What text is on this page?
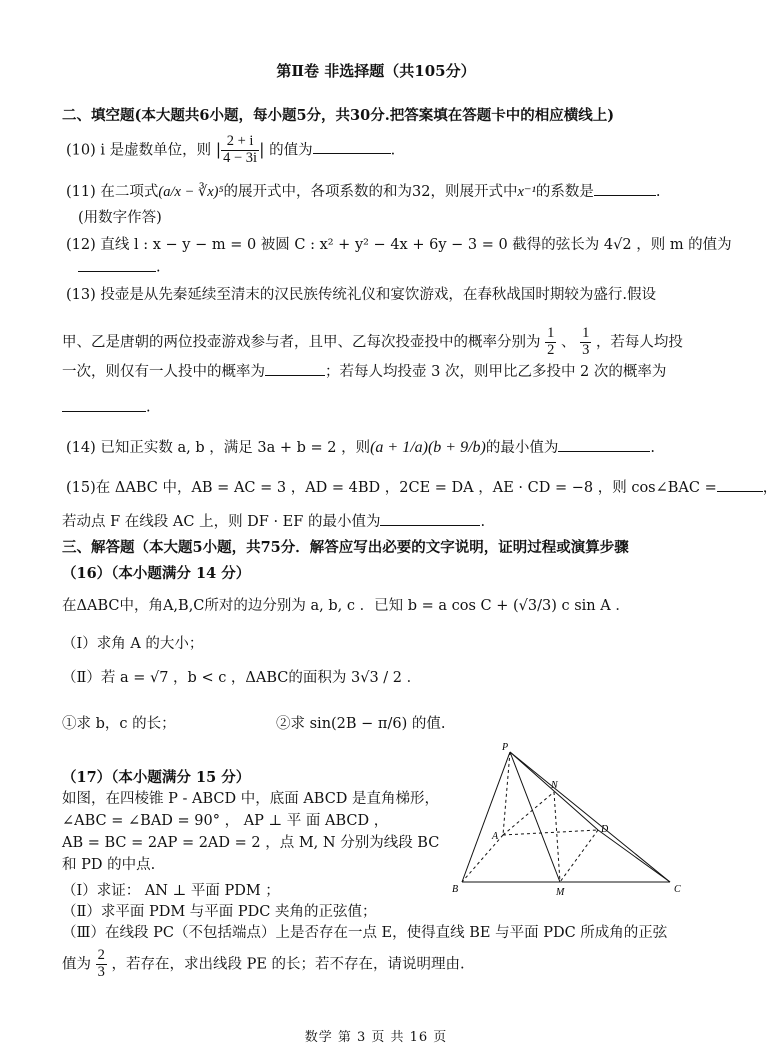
第Ⅱ卷 非选择题（共105分）
二、填空题(本大题共6小题，每小题5分，共30分.把答案填在答题卡中的相应横线上)
(10) i 是虚数单位，则 | $\frac{2 + i}{4 - 3i}$ | 的值为	.
(11) 在二项式(a/x − ∛x)⁵的展开式中，各项系数的和为32，则展开式中x⁻¹的系数是	.
(用数字作答)
(12) 直线 l : x − y − m = 0 被圆 C : x² + y² − 4x + 6y − 3 = 0 截得的弦长为 4√2 ，则 m 的值为
.
(13) 投壶是从先秦延续至清末的汉民族传统礼仪和宴饮游戏，在春秋战国时期较为盛行.假设
甲、乙是唐朝的两位投壶游戏参与者，且甲、乙每次投壶投中的概率分别为 $\frac{1}{2}$ 、 $\frac{1}{3}$ ，若每人均投
一次，则仅有一人投中的概率为	；若每人均投壶 3 次，则甲比乙多投中 2 次的概率为
.
(14) 已知正实数 a, b ，满足 3a + b = 2 ，则(a + 1/a)(b + 9/b)的最小值为	.
(15)在 ΔABC 中，AB = AC = 3 ，AD = 4BD ，2CE = DA ，AE · CD = −8 ，则 cos∠BAC =	，
若动点 F 在线段 AC 上，则 DF · EF 的最小值为	.
三、解答题（本大题5小题，共75分．解答应写出必要的文字说明，证明过程或演算步骤
（16）（本小题满分 14 分）
在ΔABC中，角A,B,C所对的边分别为 a, b, c ．已知 b = a cos C + (√3/3) c sin A ．
（Ⅰ）求角 A 的大小；
（Ⅱ）若 a = √7 ，b < c ，ΔABC的面积为 3√3 / 2 ．
①求 b，c 的长；	②求 sin(2B − π/6) 的值.
（17）（本小题满分 15 分）
如图，在四棱锥 P - ABCD 中，底面 ABCD 是直角梯形，
∠ABC = ∠BAD = 90° ， AP ⊥ 平 面 ABCD ，
AB = BC = 2AP = 2AD = 2 ，点 M, N 分别为线段 BC
和 PD 的中点.
（Ⅰ）求证： AN ⊥ 平面 PDM ；
（Ⅱ）求平面 PDM 与平面 PDC 夹角的正弦值；
（Ⅲ）在线段 PC（不包括端点）上是否存在一点 E，使得直线 BE 与平面 PDC 所成角的正弦
值为 $\frac{2}{3}$ ，若存在，求出线段 PE 的长；若不存在，请说明理由.
P
A
B	C
D
M
N
数学 第 3 页 共 16 页
